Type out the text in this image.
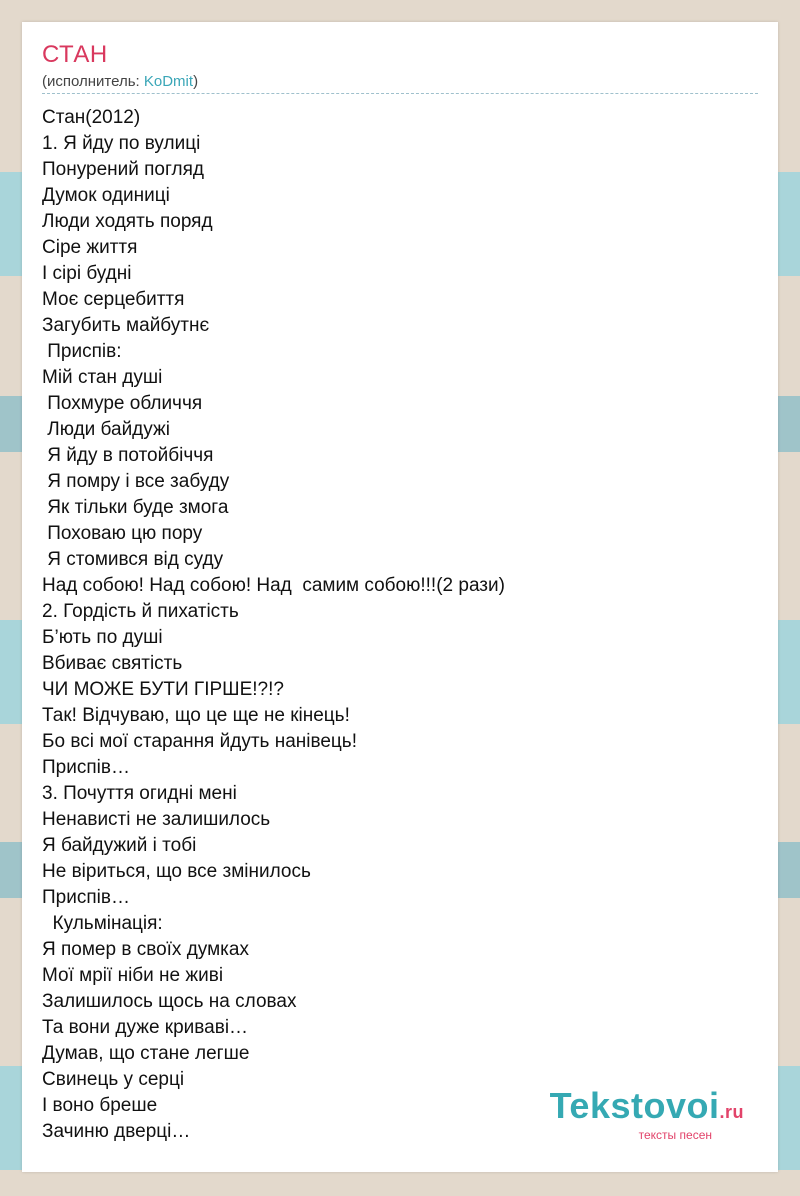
СТАН
(исполнитель: KoDmit)
Стан(2012)
1. Я йду по вулиці
Понурений погляд
Думок одиниці
Люди ходять поряд
Сіре життя
І сірі будні
Моє серцебиття
Загубить майбутнє
Приспів:
Мій стан душі
Похмуре обличчя
Люди байдужі
Я йду в потойбіччя
Я помру і все забуду
Як тільки буде змога
Поховаю цю пору
Я стомився від суду
Над собою! Над собою! Над  самим собою!!!(2 рази)
2. Гордість й пихатість
Б’ють по душі
Вбиває святість
ЧИ МОЖЕ БУТИ ГІРШЕ!?!?
Так! Відчуваю, що це ще не кінець!
Бо всі мої старання йдуть нанівець!
Приспів…
3. Почуття огидні мені
Ненависті не залишилось
Я байдужий і тобі
Не віриться, що все змінилось
Приспів…
Кульмінація:
Я помер в своїх думках
Мої мрії ніби не живі
Залишилось щось на словах
Та вони дуже криваві…
Думав, що стане легше
Свинець у серці
І воно бреше
Зачиню дверці…
Tekstovoi.ru
тексты песен
